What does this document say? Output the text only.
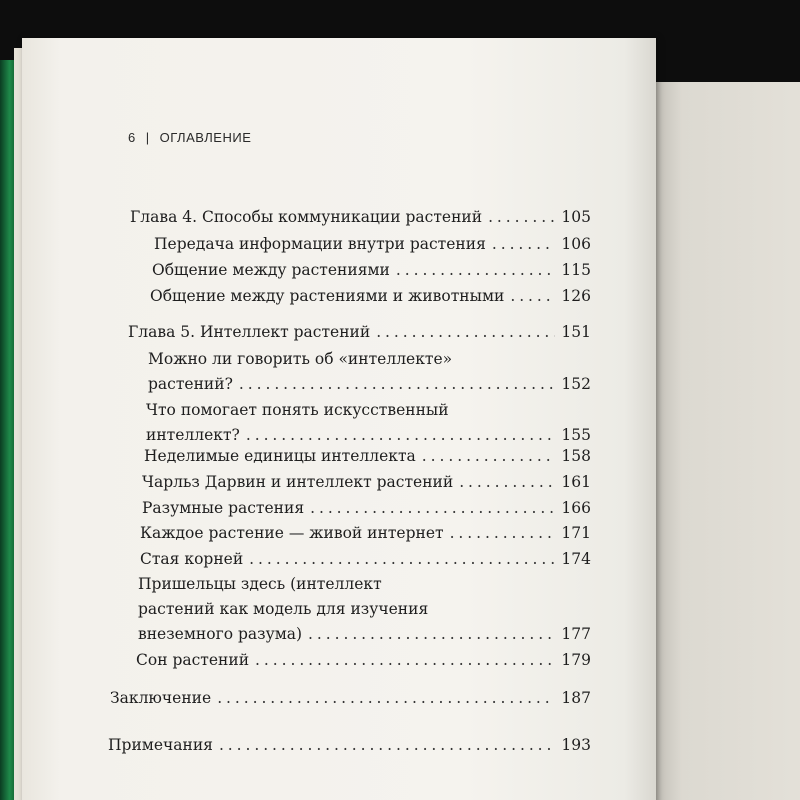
6 | ОГЛАВЛЕНИЕ
Глава 4. Способы коммуникации растений . . .	105
Передача информации внутри растения . . .	106
Общение между растениями . . .	115
Общение между растениями и животными . . .	126
Глава 5. Интеллект растений . . .	151
Можно ли говорить об «интеллекте»
растений? . . .	152
Что помогает понять искусственный
интеллект? . . .	155
Неделимые единицы интеллекта . . .	158
Чарльз Дарвин и интеллект растений . . .	161
Разумные растения . . .	166
Каждое растение — живой интернет . . .	171
Стая корней . . .	174
Пришельцы здесь (интеллект
растений как модель для изучения
внеземного разума) . . .	177
Сон растений . . .	179
Заключение . . .	187
Примечания . . .	193
